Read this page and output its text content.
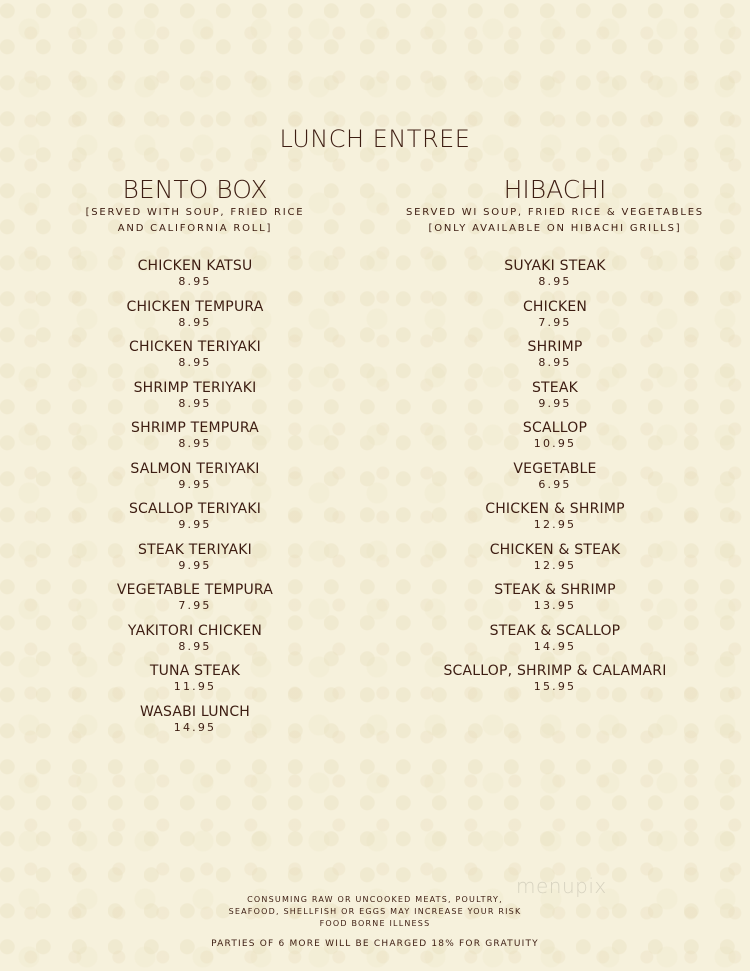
LUNCH ENTREE
BENTO BOX
[SERVED WITH SOUP, FRIED RICE
AND CALIFORNIA ROLL]
CHICKEN KATSU
8.95
CHICKEN TEMPURA
8.95
CHICKEN TERIYAKI
8.95
SHRIMP TERIYAKI
8.95
SHRIMP TEMPURA
8.95
SALMON TERIYAKI
9.95
SCALLOP TERIYAKI
9.95
STEAK TERIYAKI
9.95
VEGETABLE TEMPURA
7.95
YAKITORI CHICKEN
8.95
TUNA STEAK
11.95
WASABI LUNCH
14.95
HIBACHI
SERVED WI SOUP, FRIED RICE & VEGETABLES
[ONLY AVAILABLE ON HIBACHI GRILLS]
SUYAKI STEAK
8.95
CHICKEN
7.95
SHRIMP
8.95
STEAK
9.95
SCALLOP
10.95
VEGETABLE
6.95
CHICKEN & SHRIMP
12.95
CHICKEN & STEAK
12.95
STEAK & SHRIMP
13.95
STEAK & SCALLOP
14.95
SCALLOP, SHRIMP & CALAMARI
15.95
menupix
CONSUMING RAW OR UNCOOKED MEATS, POULTRY,
SEAFOOD, SHELLFISH OR EGGS MAY INCREASE YOUR RISK
FOOD BORNE ILLNESS
PARTIES OF 6 MORE WILL BE CHARGED 18% FOR GRATUITY
